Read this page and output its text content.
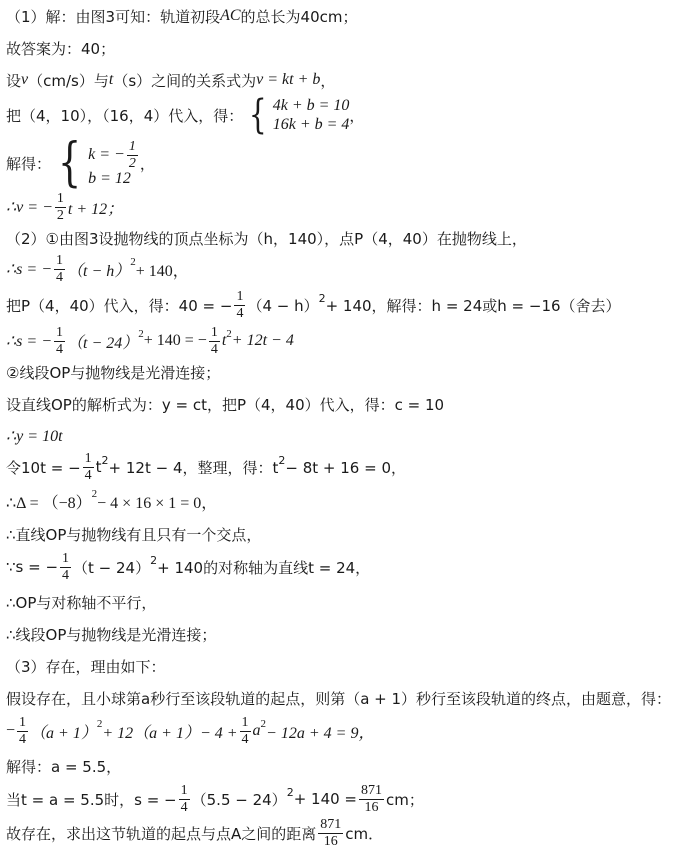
（1）解：由图3可知：轨道初段 AC 的总长为40cm；
故答案为：40；
设 v （cm/s）与 t （s）之间的关系式为 v = kt + b ，
把（4，10），（16，4）代入，得： { 4k + b = 10
16k + b = 4 ，
解得： { k = − $\frac{1}{2}$
b = 12
，
∴v = − $\frac{1}{2}$ t + 12；
（2）①由图3设抛物线的顶点坐标为（h，140），点P（4，40）在抛物线上，
∴s = − $\frac{1}{4} (t - h)$
2
+ 140，
把P（4，40）代入，得：40 = − $\frac{1}{4} (4 - h) 2 + 140$，解得：h = 24或h = −16（舍去）
∴s = − $\frac{1}{4} (t - 24)$
2 + 140 = − $\frac{1}{4}$ t 2 + 12t − 4
②线段OP与抛物线是光滑连接；
设直线OP的解析式为：y = ct，把P（4，40）代入，得：c = 10
∴y = 10t
令10t = − $\frac{1}{4}$ t 2 + 12t − 4，整理，得：t 2 − 8t + 16 = 0，
∴Δ = （−8）
2
− 4 × 16 × 1 = 0，
∴直线OP与抛物线有且只有一个交点，
∵s = − $\frac{1}{4} (t - 24) 2 + 140$的对称轴为直线t = 24，
∴OP与对称轴不平行，
∴线段OP与抛物线是光滑连接；
（3）存在，理由如下：
假设存在，且小球第a秒行至该段轨道的起点，则第（a + 1）秒行至该段轨道的终点，由题意，得：
− $\frac{1}{4} (a + 1)$
2
+ $12(a + 1)- 4 + \frac{1}{4}$ a 2
− 12a + 4 = 9，
解得：a = 5.5，
当t = a = 5.5时，s = − $\frac{1}{4} (5.5 - 24) 2 + 140 = \frac{871}{16}$ cm；
故存在，求出这节轨道的起点与点A之间的距离 $\frac{871}{16}$ cm．
